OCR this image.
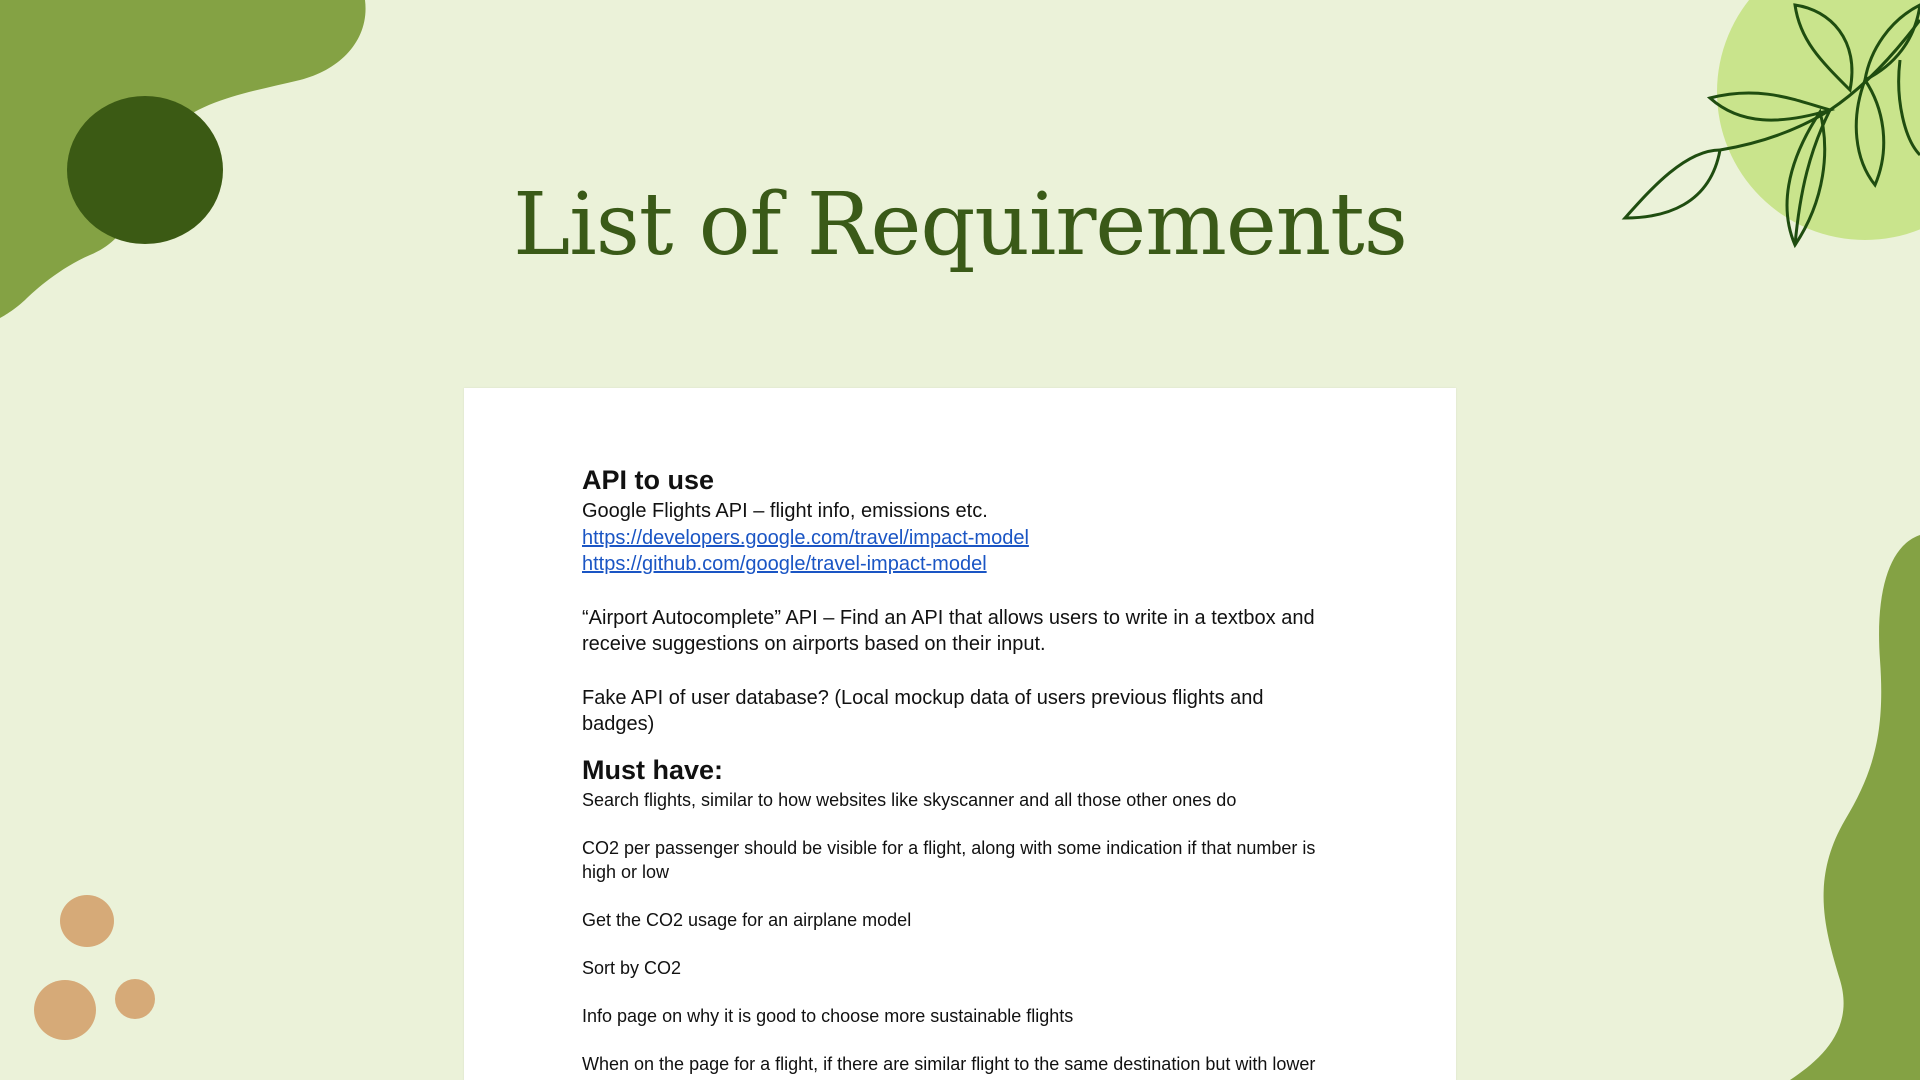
List of Requirements
API to use

Google Flights API – flight info, emissions etc.

https://developers.google.com/travel/impact-model
https://github.com/google/travel-impact-model

“Airport Autocomplete” API – Find an API that allows users to write in a textbox and

receive suggestions on airports based on their input.

Fake API of user database? (Local mockup data of users previous flights and

badges)

Must have:

Search flights, similar to how websites like skyscanner and all those other ones do

CO2 per passenger should be visible for a flight, along with some indication if that number is

high or low

Get the CO2 usage for an airplane model

Sort by CO2

Info page on why it is good to choose more sustainable flights

When on the page for a flight, if there are similar flight to the same destination but with lower
